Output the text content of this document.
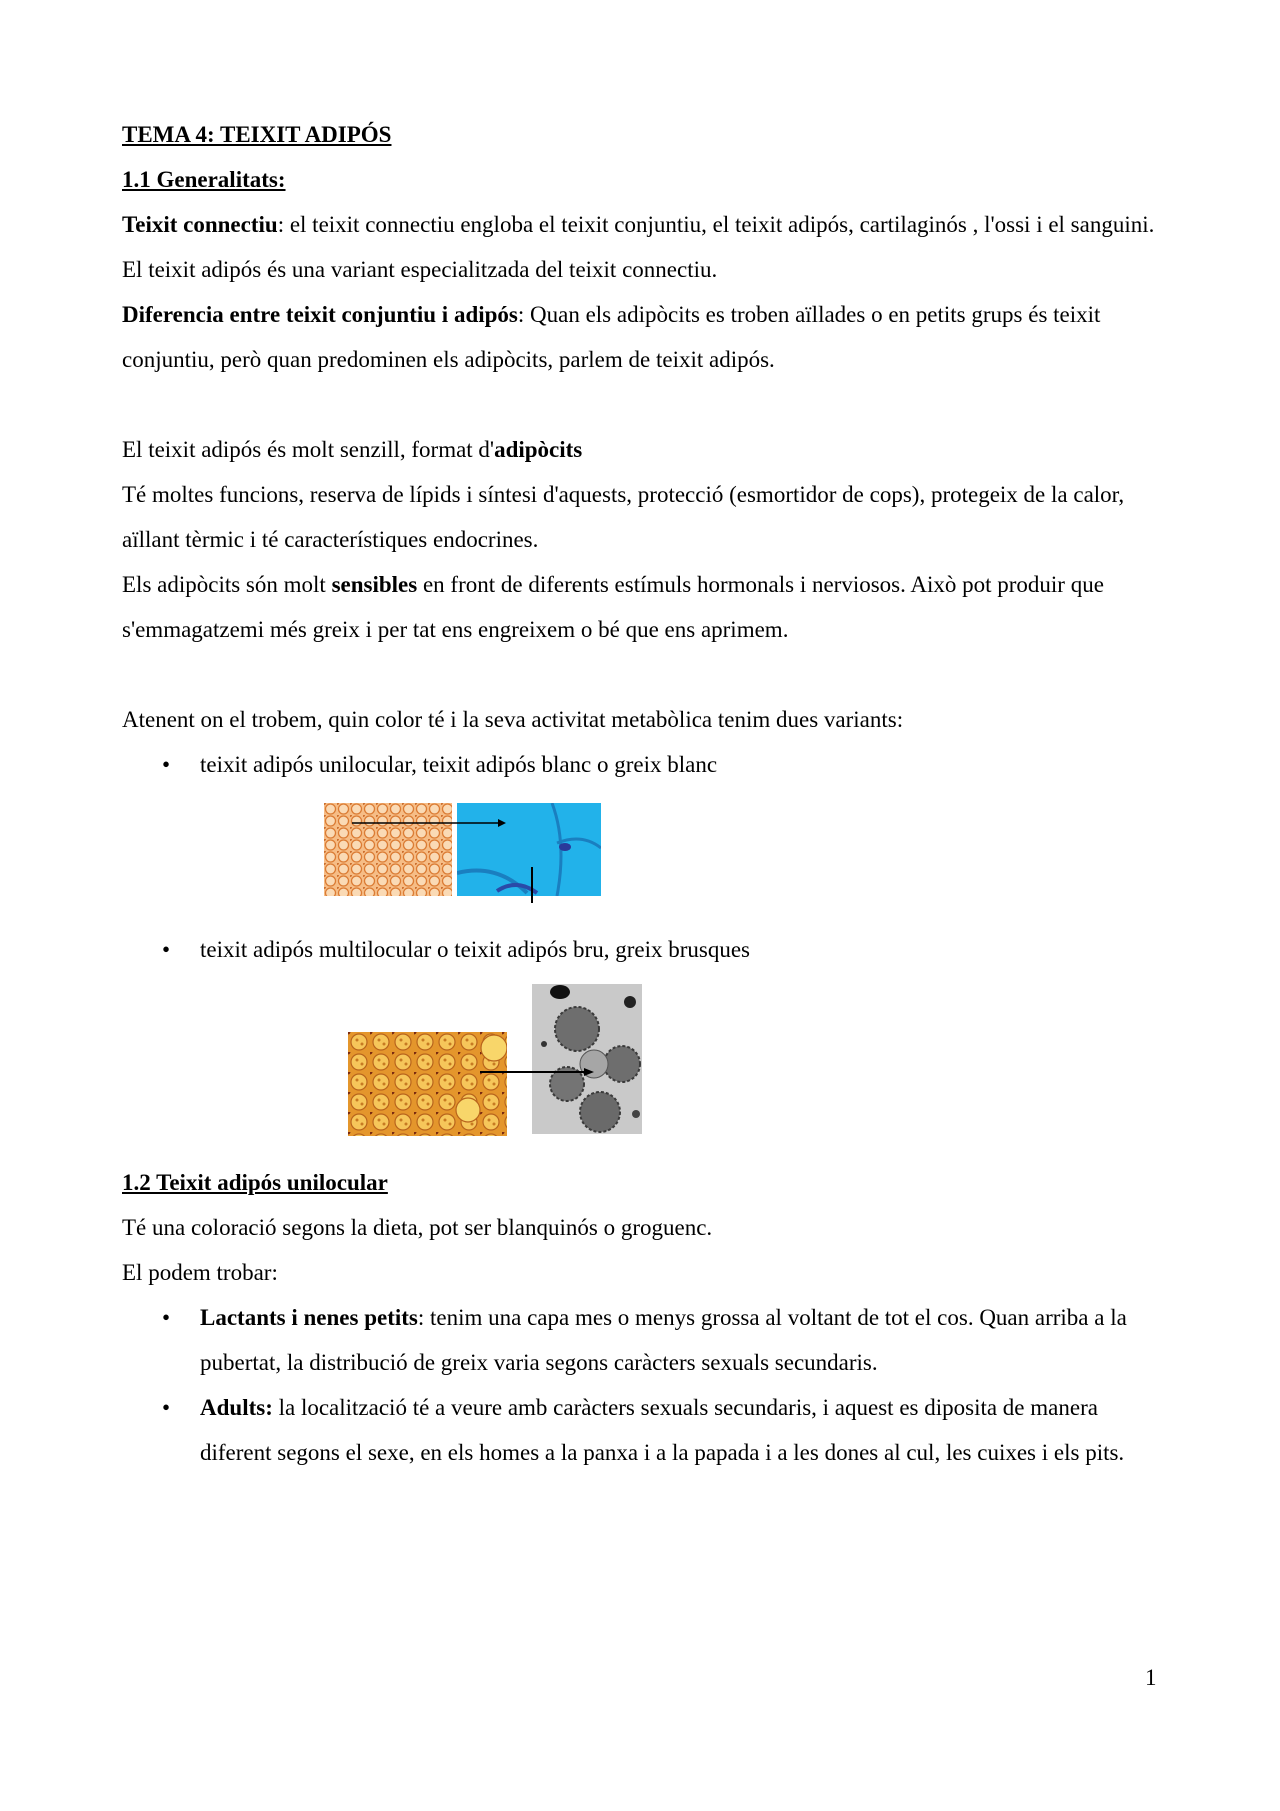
TEMA 4: TEIXIT ADIPÓS

1.1 Generalitats:

Teixit connectiu: el teixit connectiu engloba el teixit conjuntiu, el teixit adipós, cartilaginós , l'ossi i el sanguini.

El teixit adipós és una variant especialitzada del teixit connectiu.

Diferencia entre teixit conjuntiu i adipós: Quan els adipòcits es troben aïllades o en petits grups és teixit conjuntiu, però quan predominen els adipòcits, parlem de teixit adipós.

El teixit adipós és molt senzill, format d'adipòcits

Té moltes funcions, reserva de lípids i síntesi d'aquests, protecció (esmortidor de cops), protegeix de la calor, aïllant tèrmic i té característiques endocrines.

Els adipòcits són molt sensibles en front de diferents estímuls hormonals i nerviosos. Això pot produir que s'emmagatzemi més greix i per tat ens engreixem o bé que ens aprimem.

Atenent on el trobem, quin color té i la seva activitat metabòlica tenim dues variants:

• teixit adipós unilocular, teixit adipós blanc o greix blanc
• teixit adipós multilocular o teixit adipós bru, greix brusques

1.2 Teixit adipós unilocular

Té una coloració segons la dieta, pot ser blanquinós o groguenc.

El podem trobar:

• Lactants i nenes petits: tenim una capa mes o menys grossa al voltant de tot el cos. Quan arriba a la pubertat, la distribució de greix varia segons caràcters sexuals secundaris.
• Adults: la localització té a veure amb caràcters sexuals secundaris, i aquest es diposita de manera diferent segons el sexe, en els homes a la panxa i a la papada i a les dones al cul, les cuixes i els pits.
1
